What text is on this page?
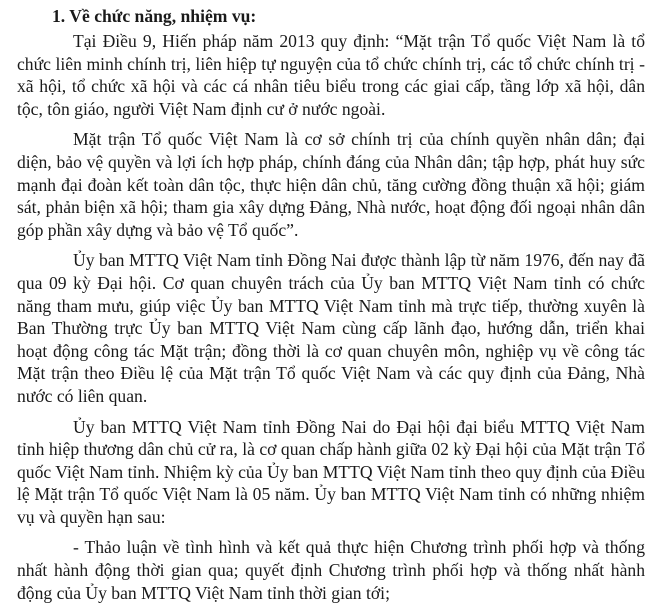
1. Về chức năng, nhiệm vụ:

Tại Điều 9, Hiến pháp năm 2013 quy định: “Mặt trận Tổ quốc Việt Nam là tổ chức liên minh chính trị, liên hiệp tự nguyện của tổ chức chính trị, các tổ chức chính trị - xã hội, tổ chức xã hội và các cá nhân tiêu biểu trong các giai cấp, tầng lớp xã hội, dân tộc, tôn giáo, người Việt Nam định cư ở nước ngoài.

Mặt trận Tổ quốc Việt Nam là cơ sở chính trị của chính quyền nhân dân; đại diện, bảo vệ quyền và lợi ích hợp pháp, chính đáng của Nhân dân; tập hợp, phát huy sức mạnh đại đoàn kết toàn dân tộc, thực hiện dân chủ, tăng cường đồng thuận xã hội; giám sát, phản biện xã hội; tham gia xây dựng Đảng, Nhà nước, hoạt động đối ngoại nhân dân góp phần xây dựng và bảo vệ Tổ quốc”.

Ủy ban MTTQ Việt Nam tỉnh Đồng Nai được thành lập từ năm 1976, đến nay đã qua 09 kỳ Đại hội. Cơ quan chuyên trách của Ủy ban MTTQ Việt Nam tỉnh có chức năng tham mưu, giúp việc Ủy ban MTTQ Việt Nam tỉnh mà trực tiếp, thường xuyên là Ban Thường trực Ủy ban MTTQ Việt Nam cùng cấp lãnh đạo, hướng dẫn, triển khai hoạt động công tác Mặt trận; đồng thời là cơ quan chuyên môn, nghiệp vụ về công tác Mặt trận theo Điều lệ của Mặt trận Tổ quốc Việt Nam và các quy định của Đảng, Nhà nước có liên quan.

Ủy ban MTTQ Việt Nam tỉnh Đồng Nai do Đại hội đại biểu MTTQ Việt Nam tỉnh hiệp thương dân chủ cử ra, là cơ quan chấp hành giữa 02 kỳ Đại hội của Mặt trận Tổ quốc Việt Nam tỉnh. Nhiệm kỳ của Ủy ban MTTQ Việt Nam tỉnh theo quy định của Điều lệ Mặt trận Tổ quốc Việt Nam là 05 năm. Ủy ban MTTQ Việt Nam tỉnh có những nhiệm vụ và quyền hạn sau:

- Thảo luận về tình hình và kết quả thực hiện Chương trình phối hợp và thống nhất hành động thời gian qua; quyết định Chương trình phối hợp và thống nhất hành động của Ủy ban MTTQ Việt Nam tỉnh thời gian tới;
